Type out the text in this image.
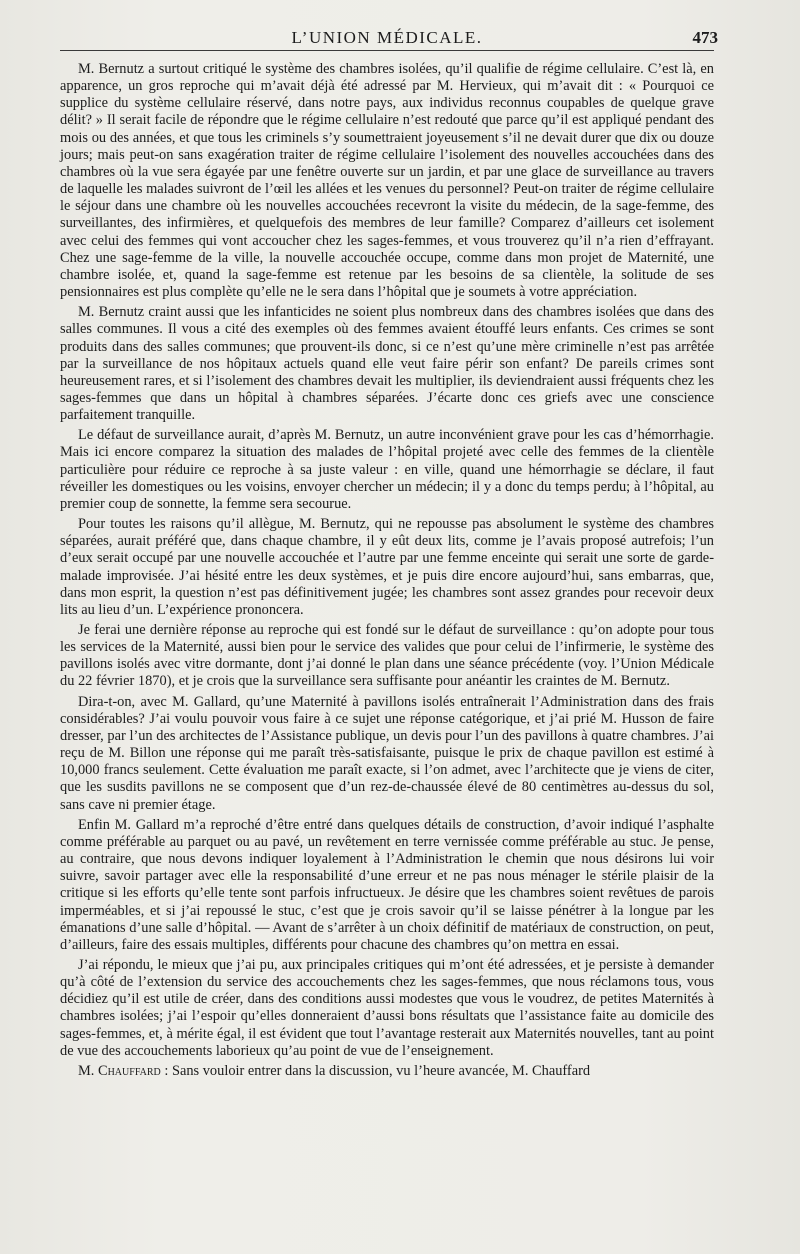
L’UNION MÉDICALE.	473

M. Bernutz a surtout critiqué le système des chambres isolées, qu’il qualifie de régime cellulaire. C’est là, en apparence, un gros reproche qui m’avait déjà été adressé par M. Hervieux, qui m’avait dit : « Pourquoi ce supplice du système cellulaire réservé, dans notre pays, aux individus reconnus coupables de quelque grave délit? » Il serait facile de répondre que le régime cellulaire n’est redouté que parce qu’il est appliqué pendant des mois ou des années, et que tous les criminels s’y soumettraient joyeusement s’il ne devait durer que dix ou douze jours; mais peut-on sans exagération traiter de régime cellulaire l’isolement des nouvelles accouchées dans des chambres où la vue sera égayée par une fenêtre ouverte sur un jardin, et par une glace de surveillance au travers de laquelle les malades suivront de l’œil les allées et les venues du personnel? Peut-on traiter de régime cellulaire le séjour dans une chambre où les nouvelles accouchées recevront la visite du médecin, de la sage-femme, des surveillantes, des infirmières, et quelquefois des membres de leur famille? Comparez d’ailleurs cet isolement avec celui des femmes qui vont accoucher chez les sages-femmes, et vous trouverez qu’il n’a rien d’effrayant. Chez une sage-femme de la ville, la nouvelle accouchée occupe, comme dans mon projet de Maternité, une chambre isolée, et, quand la sage-femme est retenue par les besoins de sa clientèle, la solitude de ses pensionnaires est plus complète qu’elle ne le sera dans l’hôpital que je soumets à votre appréciation.

M. Bernutz craint aussi que les infanticides ne soient plus nombreux dans des chambres isolées que dans des salles communes. Il vous a cité des exemples où des femmes avaient étouffé leurs enfants. Ces crimes se sont produits dans des salles communes; que prouvent-ils donc, si ce n’est qu’une mère criminelle n’est pas arrêtée par la surveillance de nos hôpitaux actuels quand elle veut faire périr son enfant? De pareils crimes sont heureusement rares, et si l’isolement des chambres devait les multiplier, ils deviendraient aussi fréquents chez les sages-femmes que dans un hôpital à chambres séparées. J’écarte donc ces griefs avec une conscience parfaitement tranquille.

Le défaut de surveillance aurait, d’après M. Bernutz, un autre inconvénient grave pour les cas d’hémorrhagie. Mais ici encore comparez la situation des malades de l’hôpital projeté avec celle des femmes de la clientèle particulière pour réduire ce reproche à sa juste valeur : en ville, quand une hémorrhagie se déclare, il faut réveiller les domestiques ou les voisins, envoyer chercher un médecin; il y a donc du temps perdu; à l’hôpital, au premier coup de sonnette, la femme sera secourue.

Pour toutes les raisons qu’il allègue, M. Bernutz, qui ne repousse pas absolument le système des chambres séparées, aurait préféré que, dans chaque chambre, il y eût deux lits, comme je l’avais proposé autrefois; l’un d’eux serait occupé par une nouvelle accouchée et l’autre par une femme enceinte qui serait une sorte de garde-malade improvisée. J’ai hésité entre les deux systèmes, et je puis dire encore aujourd’hui, sans embarras, que, dans mon esprit, la question n’est pas définitivement jugée; les chambres sont assez grandes pour recevoir deux lits au lieu d’un. L’expérience prononcera.

Je ferai une dernière réponse au reproche qui est fondé sur le défaut de surveillance : qu’on adopte pour tous les services de la Maternité, aussi bien pour le service des valides que pour celui de l’infirmerie, le système des pavillons isolés avec vitre dormante, dont j’ai donné le plan dans une séance précédente (voy. l’Union Médicale du 22 février 1870), et je crois que la surveillance sera suffisante pour anéantir les craintes de M. Bernutz.

Dira-t-on, avec M. Gallard, qu’une Maternité à pavillons isolés entraînerait l’Administration dans des frais considérables? J’ai voulu pouvoir vous faire à ce sujet une réponse catégorique, et j’ai prié M. Husson de faire dresser, par l’un des architectes de l’Assistance publique, un devis pour l’un des pavillons à quatre chambres. J’ai reçu de M. Billon une réponse qui me paraît très-satisfaisante, puisque le prix de chaque pavillon est estimé à 10,000 francs seulement. Cette évaluation me paraît exacte, si l’on admet, avec l’architecte que je viens de citer, que les susdits pavillons ne se composent que d’un rez-de-chaussée élevé de 80 centimètres au-dessus du sol, sans cave ni premier étage.

Enfin M. Gallard m’a reproché d’être entré dans quelques détails de construction, d’avoir indiqué l’asphalte comme préférable au parquet ou au pavé, un revêtement en terre vernissée comme préférable au stuc. Je pense, au contraire, que nous devons indiquer loyalement à l’Administration le chemin que nous désirons lui voir suivre, savoir partager avec elle la responsabilité d’une erreur et ne pas nous ménager le stérile plaisir de la critique si les efforts qu’elle tente sont parfois infructueux. Je désire que les chambres soient revêtues de parois imperméables, et si j’ai repoussé le stuc, c’est que je crois savoir qu’il se laisse pénétrer à la longue par les émanations d’une salle d’hôpital. — Avant de s’arrêter à un choix définitif de matériaux de construction, on peut, d’ailleurs, faire des essais multiples, différents pour chacune des chambres qu’on mettra en essai.

J’ai répondu, le mieux que j’ai pu, aux principales critiques qui m’ont été adressées, et je persiste à demander qu’à côté de l’extension du service des accouchements chez les sages-femmes, que nous réclamons tous, vous décidiez qu’il est utile de créer, dans des conditions aussi modestes que vous le voudrez, de petites Maternités à chambres isolées; j’ai l’espoir qu’elles donneraient d’aussi bons résultats que l’assistance faite au domicile des sages-femmes, et, à mérite égal, il est évident que tout l’avantage resterait aux Maternités nouvelles, tant au point de vue des accouchements laborieux qu’au point de vue de l’enseignement.

M. Chauffard : Sans vouloir entrer dans la discussion, vu l’heure avancée, M. Chauffard
